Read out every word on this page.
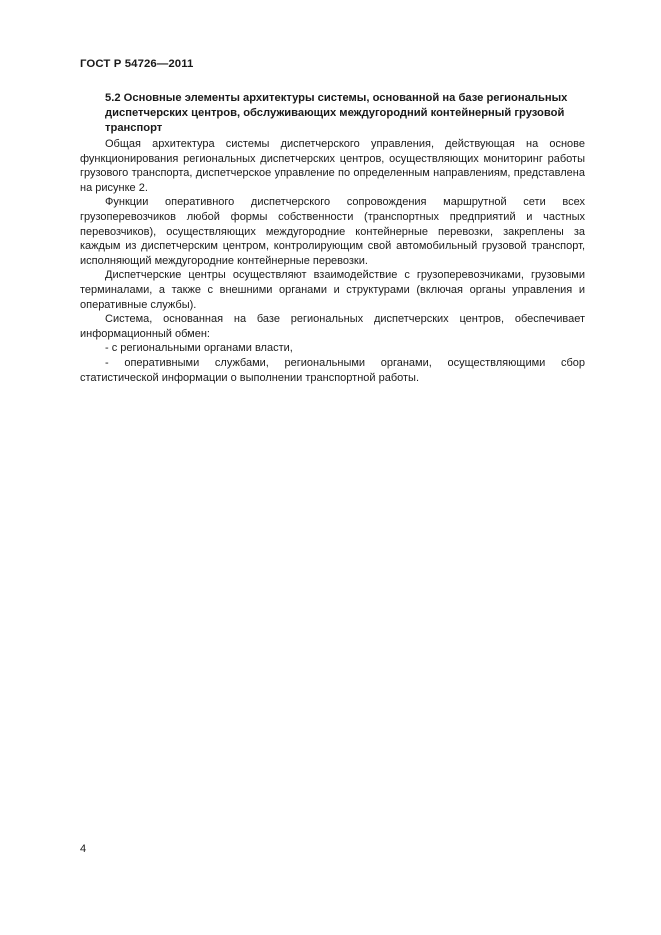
ГОСТ Р 54726—2011
5.2 Основные элементы архитектуры системы, основанной на базе региональных диспетчерских центров, обслуживающих междугородний контейнерный грузовой транспорт

Общая архитектура системы диспетчерского управления, действующая на основе функционирования региональных диспетчерских центров, осуществляющих мониторинг работы грузового транспорта, диспетчерское управление по определенным направлениям, представлена на рисунке 2.

Функции оперативного диспетчерского сопровождения маршрутной сети всех грузоперевозчиков любой формы собственности (транспортных предприятий и частных перевозчиков), осуществляющих междугородние контейнерные перевозки, закреплены за каждым из диспетчерским центром, контролирующим свой автомобильный грузовой транспорт, исполняющий междугородние контейнерные перевозки.

Диспетчерские центры осуществляют взаимодействие с грузоперевозчиками, грузовыми терминалами, а также с внешними органами и структурами (включая органы управления и оперативные службы).

Система, основанная на базе региональных диспетчерских центров, обеспечивает информационный обмен:

- с региональными органами власти,

- оперативными службами, региональными органами, осуществляющими сбор статистической информации о выполнении транспортной работы.

4
